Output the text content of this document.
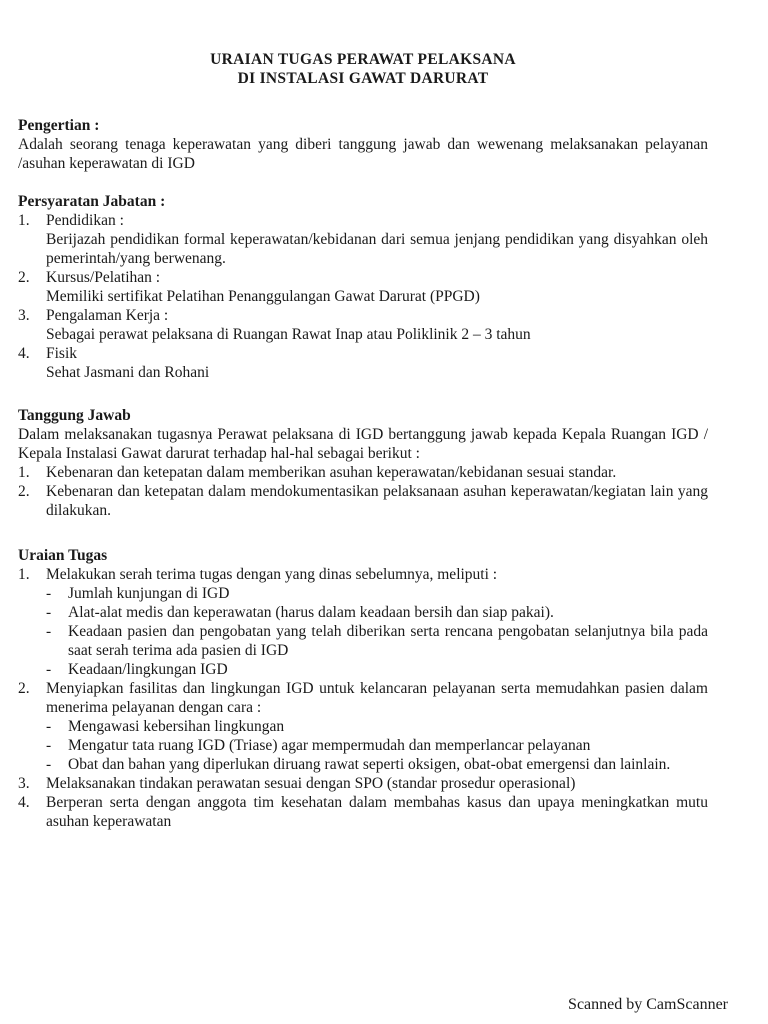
URAIAN TUGAS PERAWAT PELAKSANA
DI INSTALASI GAWAT DARURAT
Pengertian :
Adalah seorang tenaga keperawatan yang diberi tanggung jawab dan wewenang melaksanakan pelayanan /asuhan keperawatan di IGD
Persyaratan Jabatan :
1.	Pendidikan :
Berijazah pendidikan formal keperawatan/kebidanan dari semua jenjang pendidikan yang disyahkan oleh pemerintah/yang berwenang.
2.	Kursus/Pelatihan :
Memiliki sertifikat Pelatihan Penanggulangan Gawat Darurat (PPGD)
3.	Pengalaman Kerja :
Sebagai perawat pelaksana di Ruangan Rawat Inap atau Poliklinik 2 – 3 tahun
4.	Fisik
Sehat Jasmani dan Rohani
Tanggung Jawab
Dalam melaksanakan tugasnya Perawat pelaksana di IGD bertanggung jawab kepada Kepala Ruangan IGD / Kepala Instalasi Gawat darurat terhadap hal-hal sebagai berikut :
1.	Kebenaran dan ketepatan dalam memberikan asuhan keperawatan/kebidanan sesuai standar.
2.	Kebenaran dan ketepatan dalam mendokumentasikan pelaksanaan asuhan keperawatan/kegiatan lain yang dilakukan.
Uraian Tugas
1.	Melakukan serah terima tugas dengan yang dinas sebelumnya, meliputi :
- Jumlah kunjungan di IGD
- Alat-alat medis dan keperawatan (harus dalam keadaan bersih dan siap pakai).
- Keadaan pasien dan pengobatan yang telah diberikan serta rencana pengobatan selanjutnya bila pada saat serah terima ada pasien di IGD
- Keadaan/lingkungan IGD
2.	Menyiapkan fasilitas dan lingkungan IGD untuk kelancaran pelayanan serta memudahkan pasien dalam menerima pelayanan dengan cara :
- Mengawasi kebersihan lingkungan
- Mengatur tata ruang IGD (Triase) agar mempermudah dan memperlancar pelayanan
- Obat dan bahan yang diperlukan diruang rawat seperti oksigen, obat-obat emergensi dan lainlain.
3.	Melaksanakan tindakan perawatan sesuai dengan SPO (standar prosedur operasional)
4.	Berperan serta dengan anggota tim kesehatan dalam membahas kasus dan upaya meningkatkan mutu asuhan keperawatan
Scanned by CamScanner
